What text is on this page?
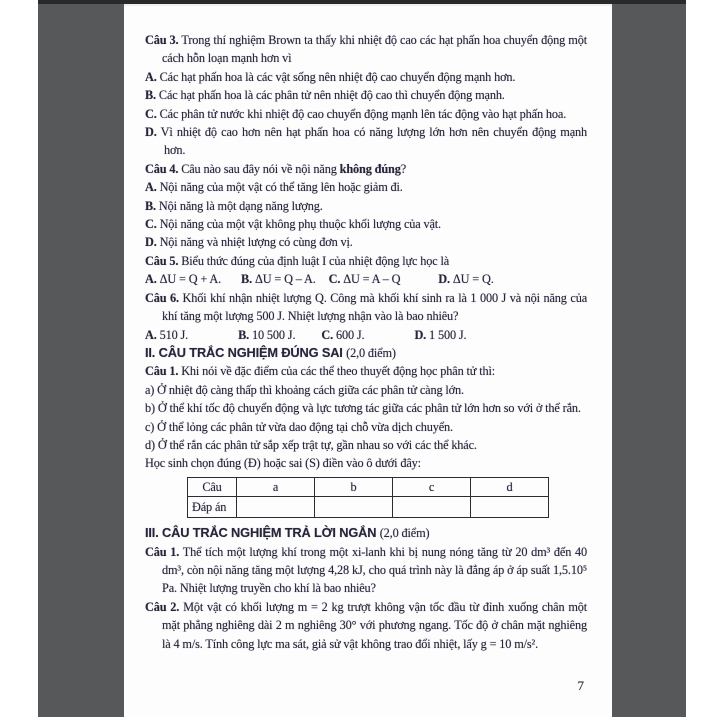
Câu 3. Trong thí nghiệm Brown ta thấy khi nhiệt độ cao các hạt phấn hoa chuyển động một cách hỗn loạn mạnh hơn vì

A. Các hạt phấn hoa là các vật sống nên nhiệt độ cao chuyển động mạnh hơn.

B. Các hạt phấn hoa là các phân tử nên nhiệt độ cao thì chuyển động mạnh.

C. Các phân tử nước khi nhiệt độ cao chuyển động mạnh lên tác động vào hạt phấn hoa.

D. Vì nhiệt độ cao hơn nên hạt phấn hoa có năng lượng lớn hơn nên chuyển động mạnh hơn.

Câu 4. Câu nào sau đây nói về nội năng không đúng?

A. Nội năng của một vật có thể tăng lên hoặc giảm đi.

B. Nội năng là một dạng năng lượng.

C. Nội năng của một vật không phụ thuộc khối lượng của vật.

D. Nội năng và nhiệt lượng có cùng đơn vị.

Câu 5. Biểu thức đúng của định luật I của nhiệt động lực học là

A. ΔU = Q + A. B. ΔU = Q – A. C. ΔU = A – Q	D. ΔU = Q.

Câu 6. Khối khí nhận nhiệt lượng Q. Công mà khối khí sinh ra là 1 000 J và nội năng của khí tăng một lượng 500 J. Nhiệt lượng nhận vào là bao nhiêu?

A. 510 J.	B. 10 500 J. C. 600 J.	D. 1 500 J.

II. CÂU TRẮC NGHIỆM ĐÚNG SAI (2,0 điểm)

Câu 1. Khi nói về đặc điểm của các thể theo thuyết động học phân tử thì:

a) Ở nhiệt độ càng thấp thì khoảng cách giữa các phân tử càng lớn.

b) Ở thể khí tốc độ chuyển động và lực tương tác giữa các phân tử lớn hơn so với ở thể rắn.

c) Ở thể lỏng các phân tử vừa dao động tại chỗ vừa dịch chuyển.

d) Ở thể rắn các phân tử sắp xếp trật tự, gần nhau so với các thể khác.

Học sinh chọn đúng (Đ) hoặc sai (S) điền vào ô dưới đây:

Câu	a	b	c	d
Đáp án				

III. CÂU TRẮC NGHIỆM TRẢ LỜI NGẮN (2,0 điểm)

Câu 1. Thể tích một lượng khí trong một xi-lanh khi bị nung nóng tăng từ 20 dm³ đến 40 dm³, còn nội năng tăng một lượng 4,28 kJ, cho quá trình này là đẳng áp ở áp suất 1,5.10⁵ Pa. Nhiệt lượng truyền cho khí là bao nhiêu?

Câu 2. Một vật có khối lượng m = 2 kg trượt không vận tốc đầu từ đỉnh xuống chân một mặt phẳng nghiêng dài 2 m nghiêng 30° với phương ngang. Tốc độ ở chân mặt nghiêng là 4 m/s. Tính công lực ma sát, giả sử vật không trao đổi nhiệt, lấy g = 10 m/s².

7
